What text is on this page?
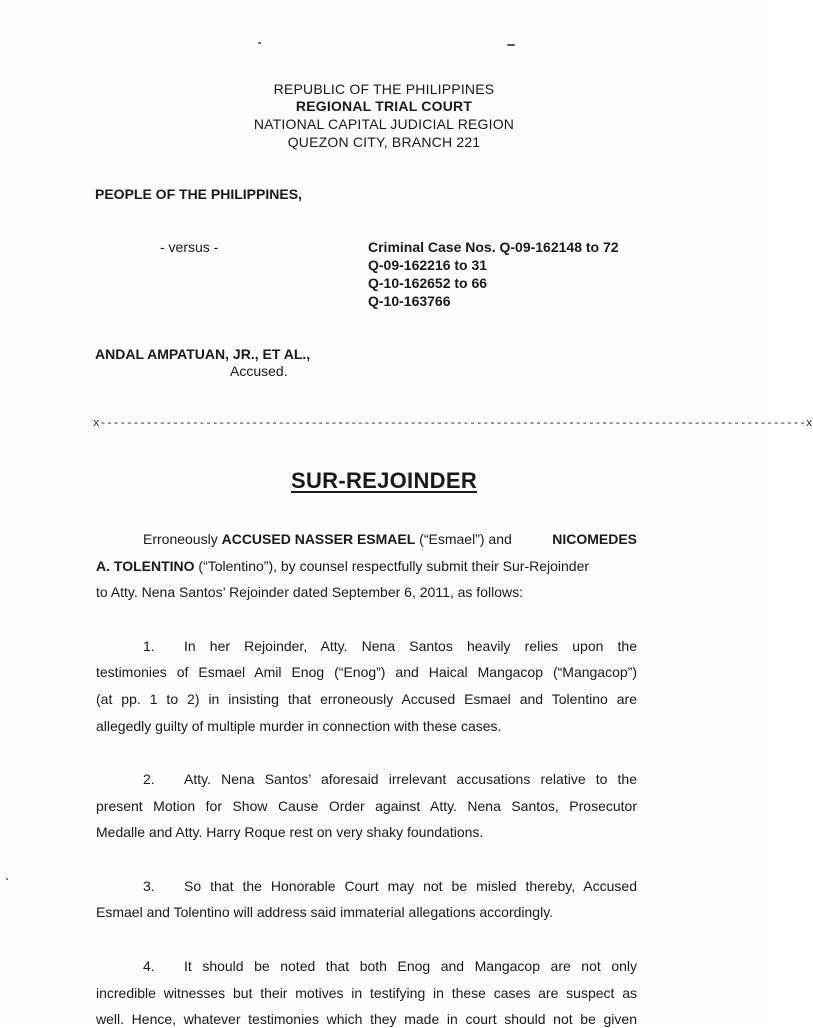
REPUBLIC OF THE PHILIPPINES
REGIONAL TRIAL COURT
NATIONAL CAPITAL JUDICIAL REGION
QUEZON CITY, BRANCH 221
PEOPLE OF THE PHILIPPINES,
- versus -	Criminal Case Nos. Q-09-162148 to 72
Q-09-162216 to 31
Q-10-162652 to 66
Q-10-163766
ANDAL AMPATUAN, JR., ET AL.,
Accused.
x-----------------------------------------------------------------------------------------------------------x
SUR-REJOINDER
Erroneously ACCUSED NASSER ESMAEL (“Esmael”) and	NICOMEDES
A. TOLENTINO (“Tolentino”), by counsel respectfully submit their Sur-Rejoinder
to Atty. Nena Santos’ Rejoinder dated September 6, 2011, as follows:
1. In her Rejoinder, Atty. Nena Santos heavily relies upon the
testimonies of Esmael Amil Enog (“Enog”) and Haical Mangacop (“Mangacop”)
(at pp. 1 to 2) in insisting that erroneously Accused Esmael and Tolentino are
allegedly guilty of multiple murder in connection with these cases.
2. Atty. Nena Santos’ aforesaid irrelevant accusations relative to the
present Motion for Show Cause Order against Atty. Nena Santos, Prosecutor
Medalle and Atty. Harry Roque rest on very shaky foundations.
3. So that the Honorable Court may not be misled thereby, Accused
Esmael and Tolentino will address said immaterial allegations accordingly.
4. It should be noted that both Enog and Mangacop are not only
incredible witnesses but their motives in testifying in these cases are suspect as
well. Hence, whatever testimonies which they made in court should not be given
